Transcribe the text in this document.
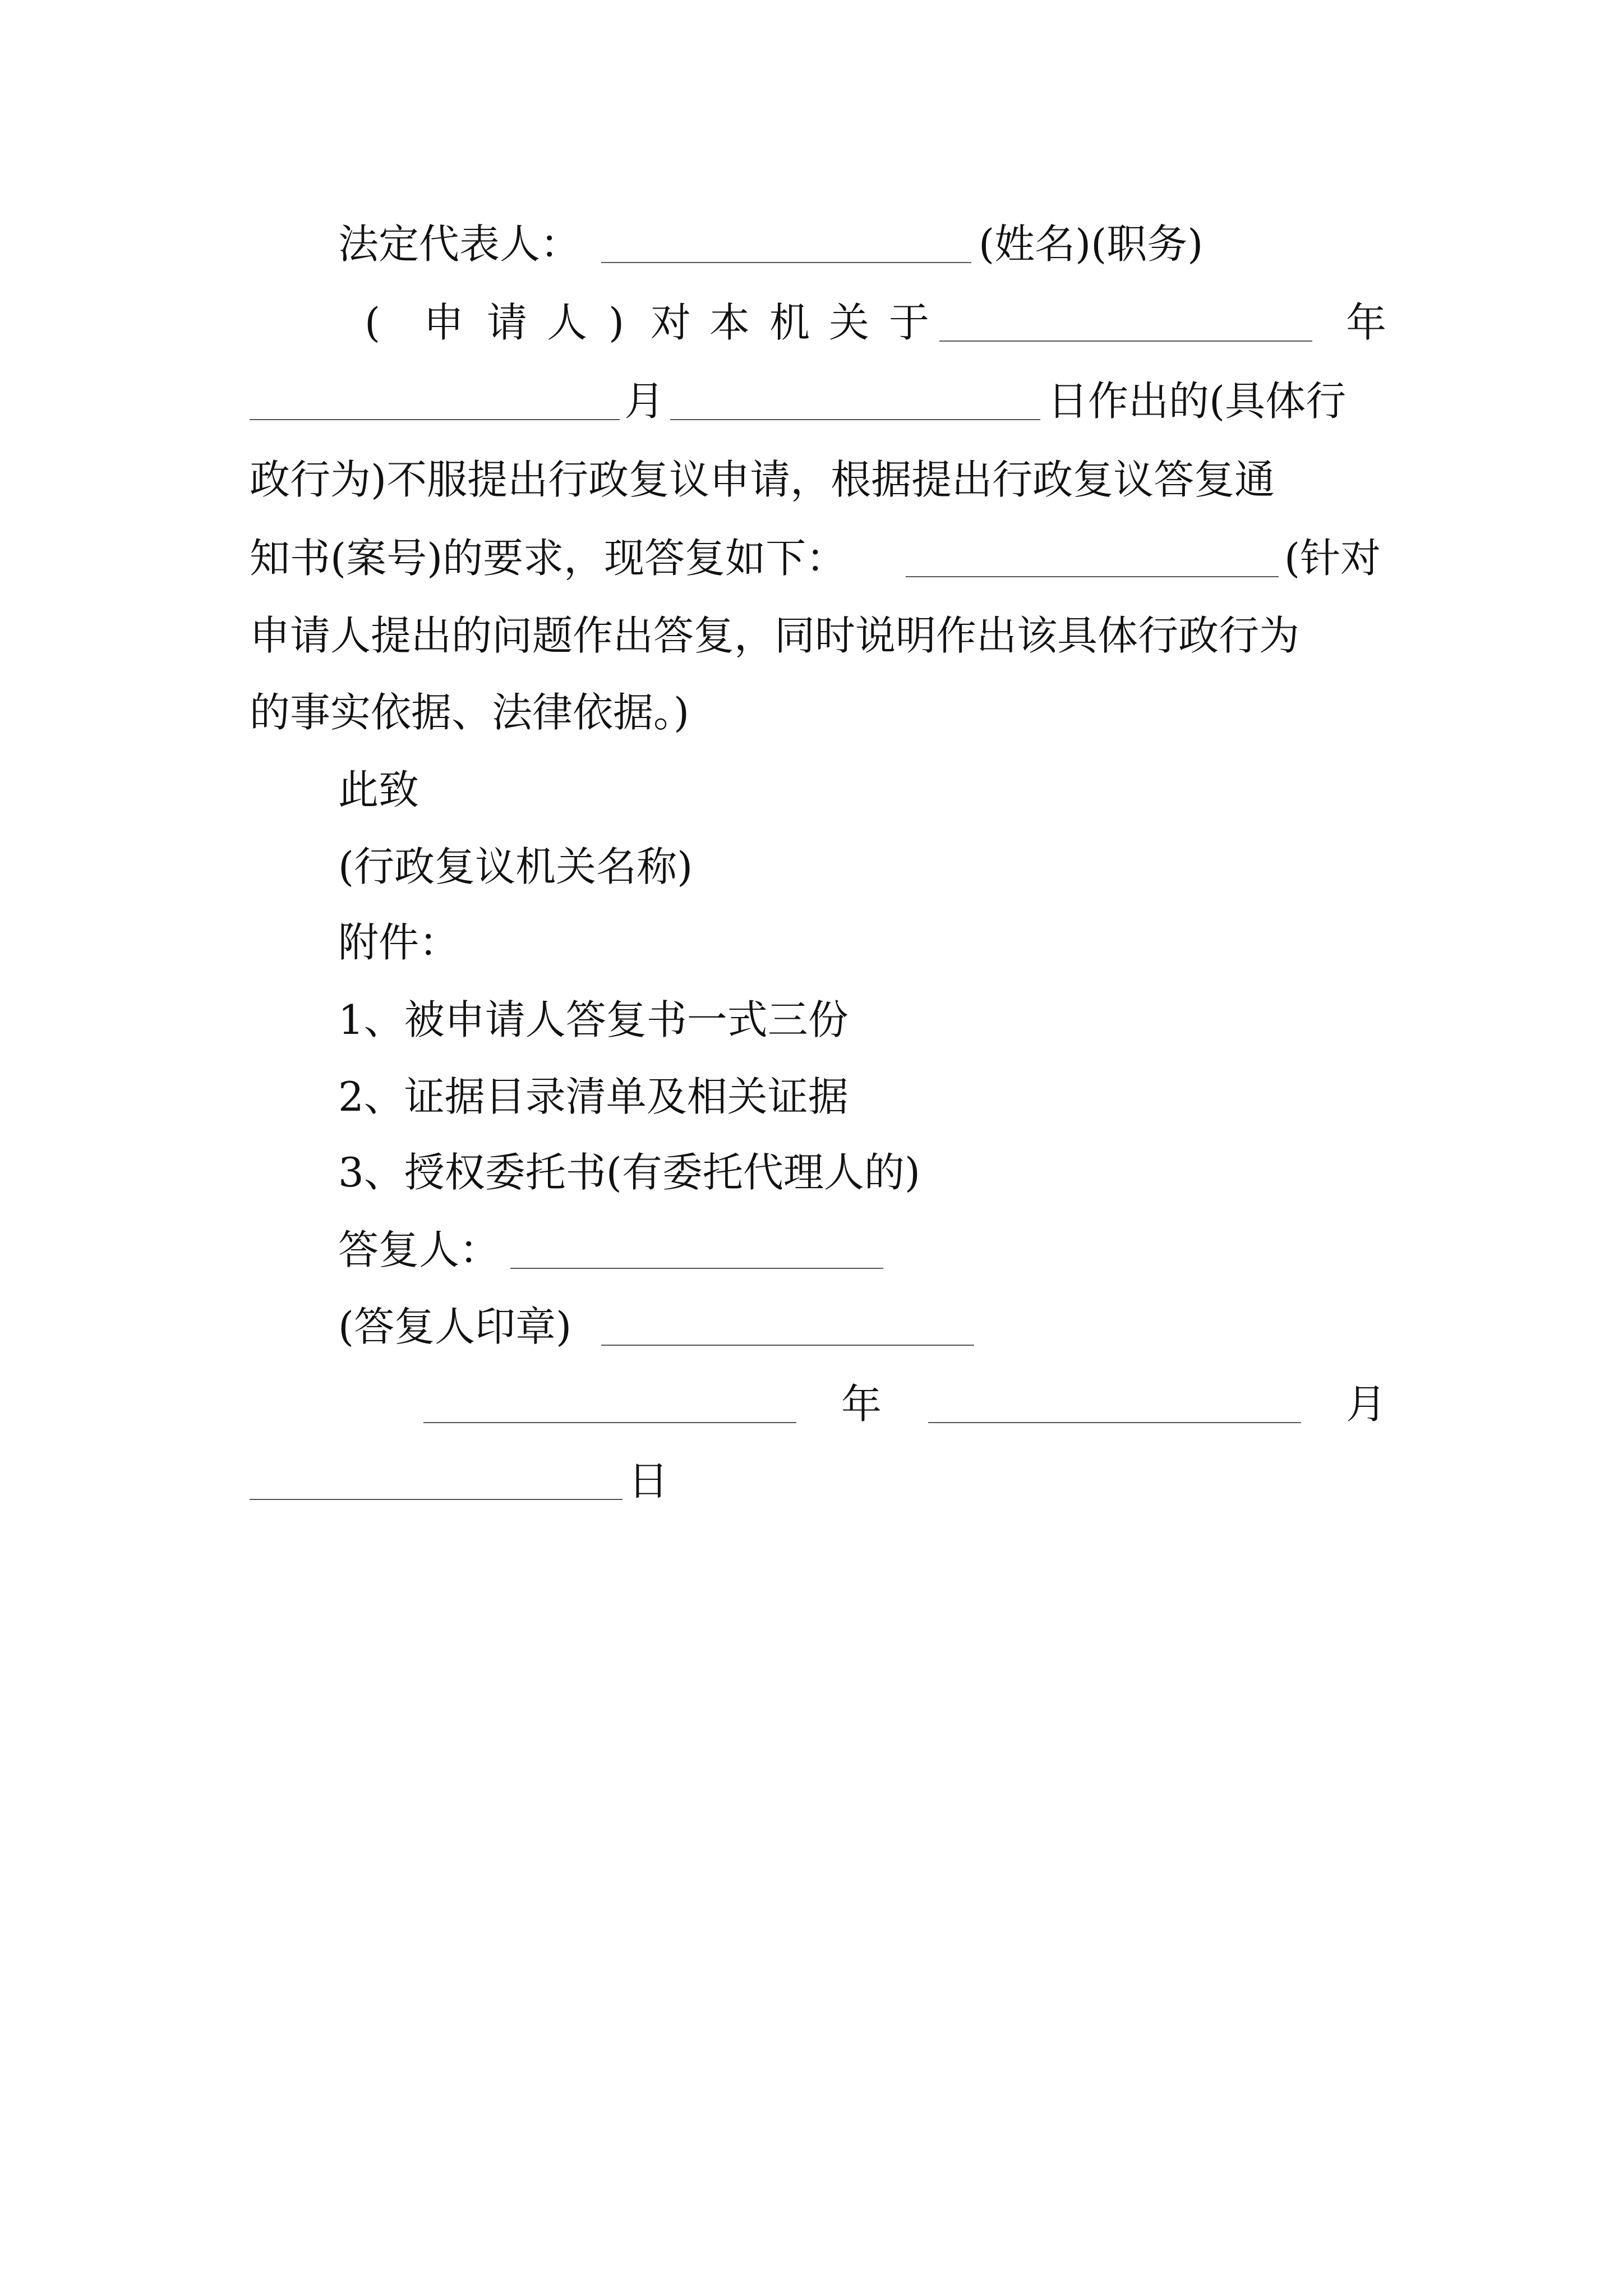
法定代表人：	(姓名)(职务)
( 申 请 人 ) 对 本 机 关 于	年
月	日作出的(具体行
政行为)不服提出行政复议申请，根据提出行政复议答复通
知书(案号)的要求，现答复如下：	(针对
申请人提出的问题作出答复，同时说明作出该具体行政行为
的事实依据、法律依据。)
此致
(行政复议机关名称)
附件：
1、被申请人答复书一式三份
2、证据目录清单及相关证据
3、授权委托书(有委托代理人的)
答复人：
(答复人印章)
年	月
日
